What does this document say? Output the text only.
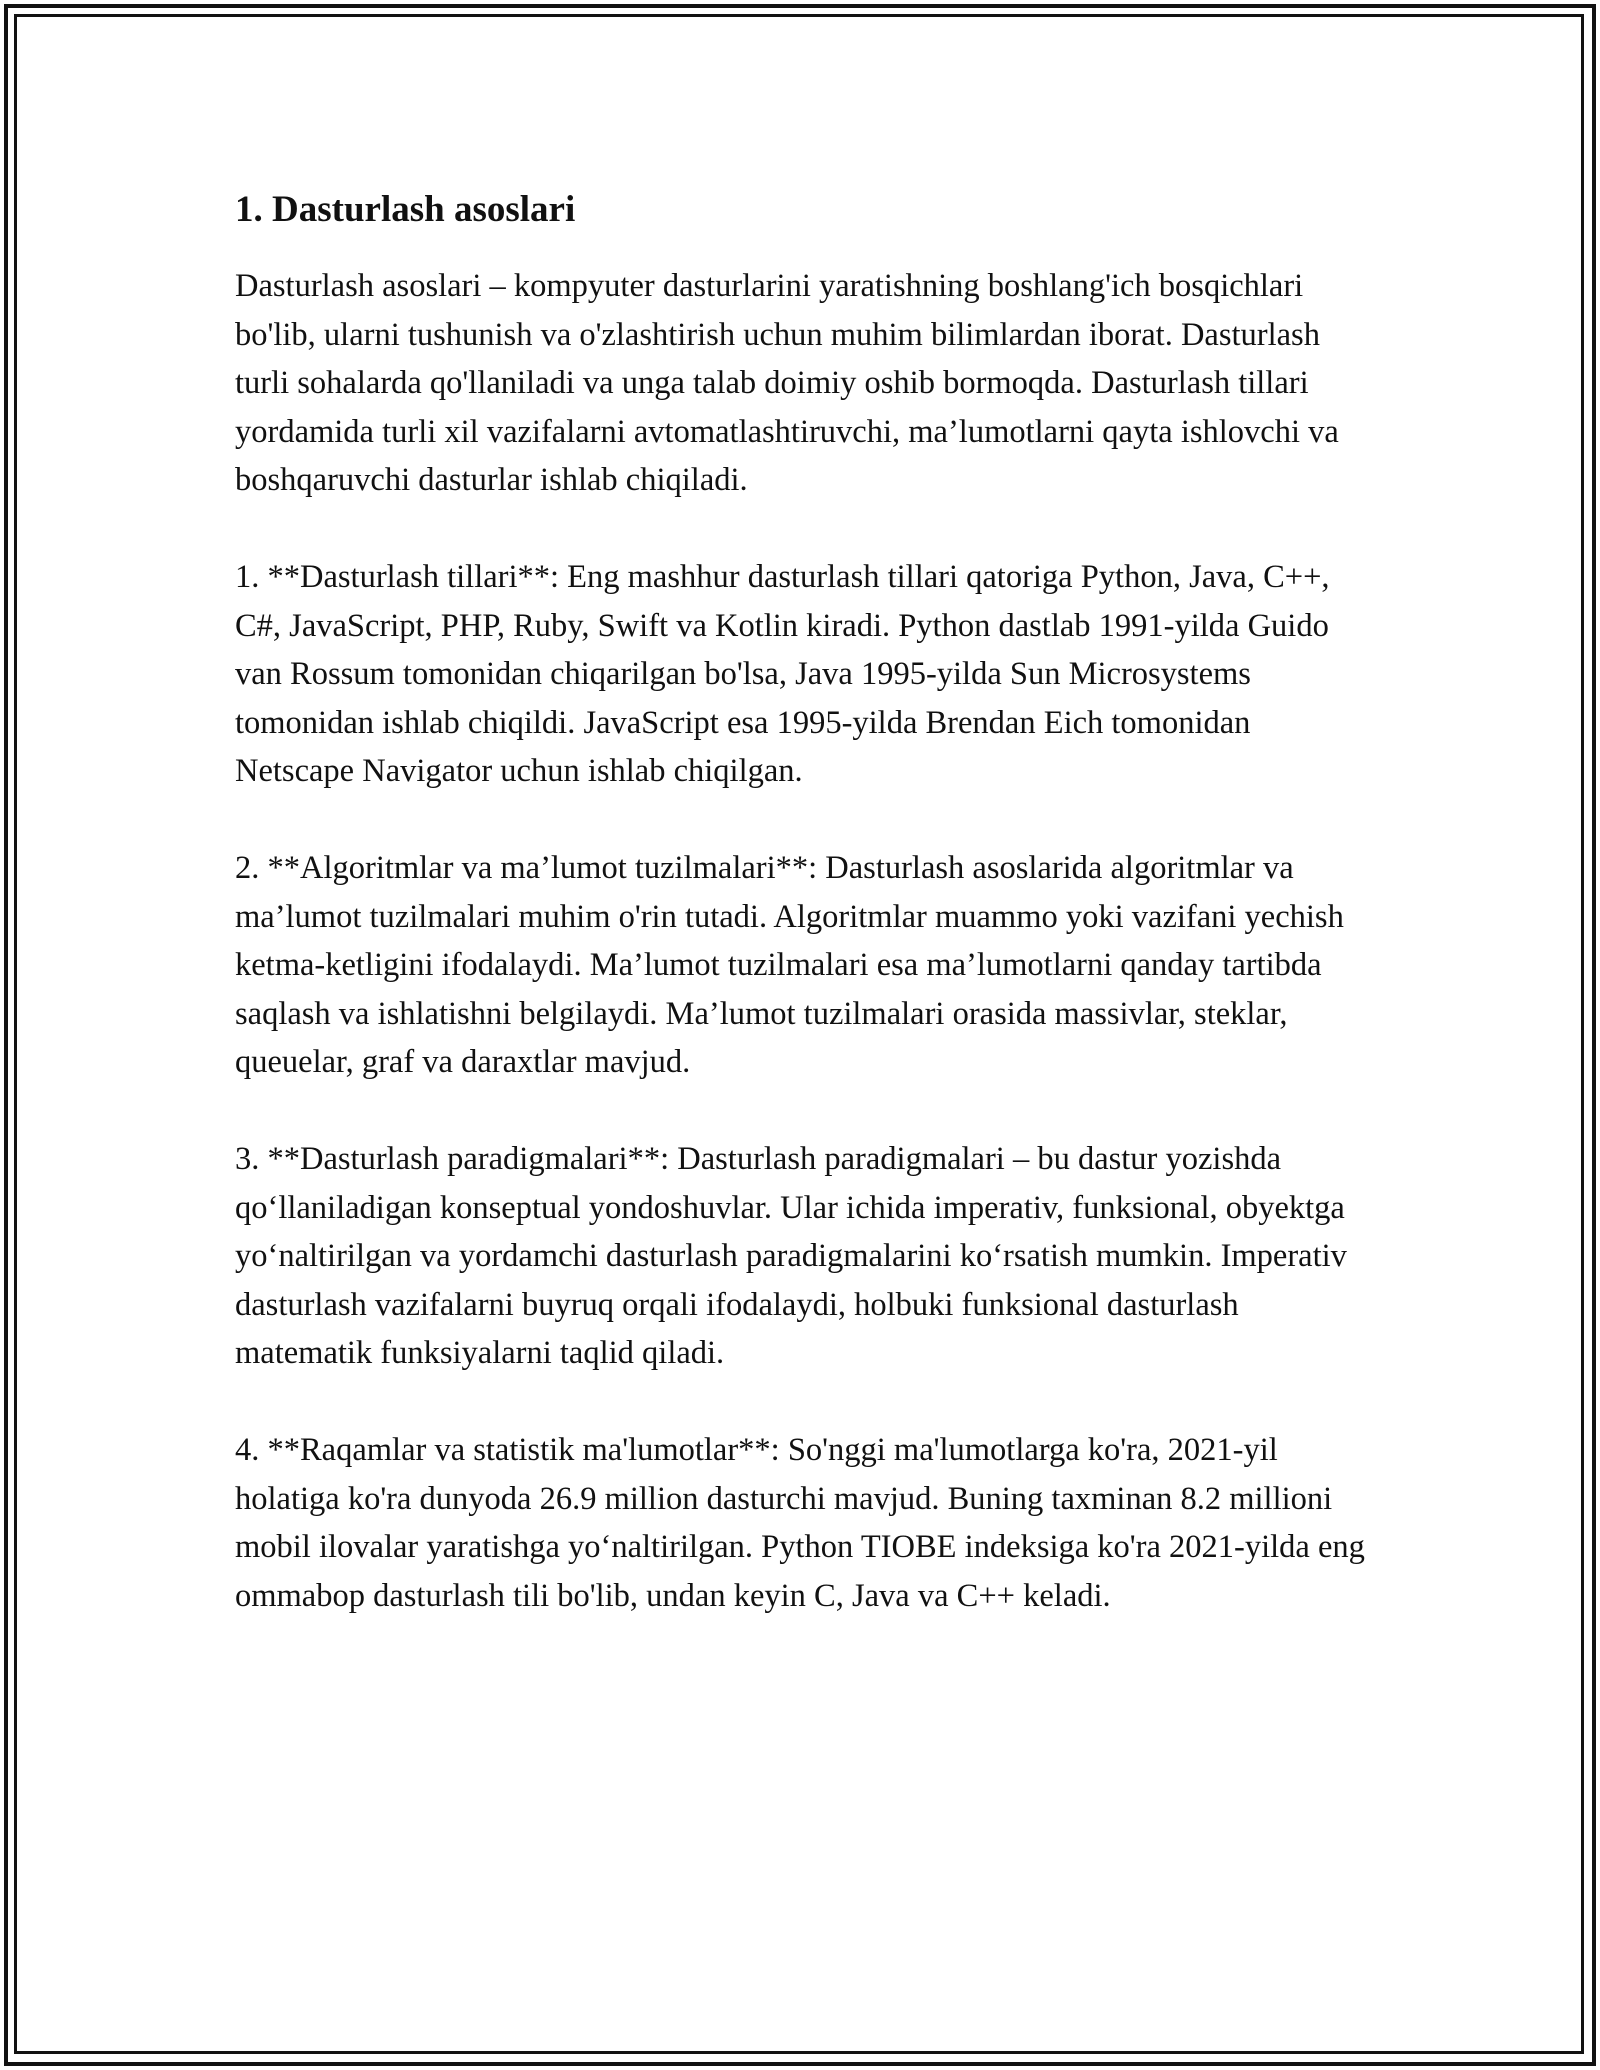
1. Dasturlash asoslari

Dasturlash asoslari – kompyuter dasturlarini yaratishning boshlang'ich bosqichlari bo'lib, ularni tushunish va o'zlashtirish uchun muhim bilimlardan iborat. Dasturlash turli sohalarda qo'llaniladi va unga talab doimiy oshib bormoqda. Dasturlash tillari yordamida turli xil vazifalarni avtomatlashtiruvchi, ma’lumotlarni qayta ishlovchi va boshqaruvchi dasturlar ishlab chiqiladi.

1. **Dasturlash tillari**: Eng mashhur dasturlash tillari qatoriga Python, Java, C++, C#, JavaScript, PHP, Ruby, Swift va Kotlin kiradi. Python dastlab 1991-yilda Guido van Rossum tomonidan chiqarilgan bo'lsa, Java 1995-yilda Sun Microsystems tomonidan ishlab chiqildi. JavaScript esa 1995-yilda Brendan Eich tomonidan Netscape Navigator uchun ishlab chiqilgan.

2. **Algoritmlar va ma’lumot tuzilmalari**: Dasturlash asoslarida algoritmlar va ma’lumot tuzilmalari muhim o'rin tutadi. Algoritmlar muammo yoki vazifani yechish ketma-ketligini ifodalaydi. Ma’lumot tuzilmalari esa ma’lumotlarni qanday tartibda saqlash va ishlatishni belgilaydi. Ma’lumot tuzilmalari orasida massivlar, steklar, queuelar, graf va daraxtlar mavjud.

3. **Dasturlash paradigmalari**: Dasturlash paradigmalari – bu dastur yozishda qo‘llaniladigan konseptual yondoshuvlar. Ular ichida imperativ, funksional, obyektga yo‘naltirilgan va yordamchi dasturlash paradigmalarini ko‘rsatish mumkin. Imperativ dasturlash vazifalarni buyruq orqali ifodalaydi, holbuki funksional dasturlash matematik funksiyalarni taqlid qiladi.

4. **Raqamlar va statistik ma'lumotlar**: So'nggi ma'lumotlarga ko'ra, 2021-yil holatiga ko'ra dunyoda 26.9 million dasturchi mavjud. Buning taxminan 8.2 millioni mobil ilovalar yaratishga yo‘naltirilgan. Python TIOBE indeksiga ko'ra 2021-yilda eng ommabop dasturlash tili bo'lib, undan keyin C, Java va C++ keladi.
